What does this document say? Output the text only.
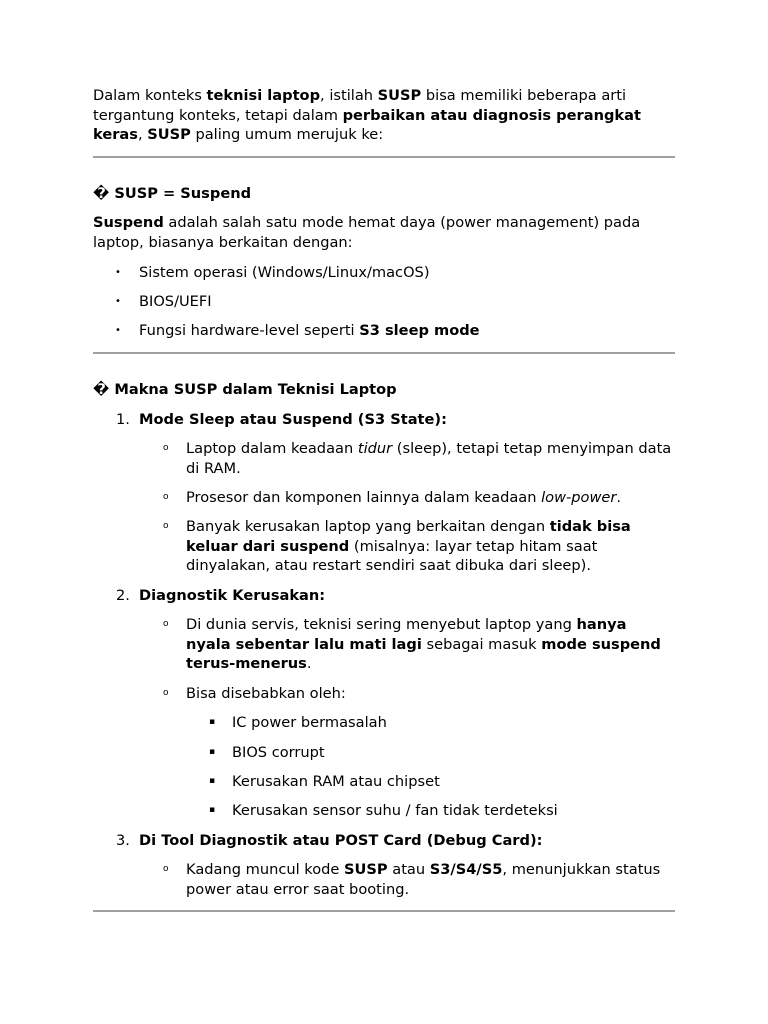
Dalam konteks teknisi laptop, istilah SUSP bisa memiliki beberapa arti tergantung konteks, tetapi dalam perbaikan atau diagnosis perangkat keras, SUSP paling umum merujuk ke:

� SUSP = Suspend

Suspend adalah salah satu mode hemat daya (power management) pada laptop, biasanya berkaitan dengan:

• Sistem operasi (Windows/Linux/macOS)
• BIOS/UEFI
• Fungsi hardware-level seperti S3 sleep mode

� Makna SUSP dalam Teknisi Laptop

1. Mode Sleep atau Suspend (S3 State):
o Laptop dalam keadaan tidur (sleep), tetapi tetap menyimpan data di RAM.
o Prosesor dan komponen lainnya dalam keadaan low-power.
o Banyak kerusakan laptop yang berkaitan dengan tidak bisa keluar dari suspend (misalnya: layar tetap hitam saat dinyalakan, atau restart sendiri saat dibuka dari sleep).
2. Diagnostik Kerusakan:
o Di dunia servis, teknisi sering menyebut laptop yang hanya nyala sebentar lalu mati lagi sebagai masuk mode suspend terus-menerus.
o Bisa disebabkan oleh:
▪ IC power bermasalah
▪ BIOS corrupt
▪ Kerusakan RAM atau chipset
▪ Kerusakan sensor suhu / fan tidak terdeteksi
3. Di Tool Diagnostik atau POST Card (Debug Card):
o Kadang muncul kode SUSP atau S3/S4/S5, menunjukkan status power atau error saat booting.
